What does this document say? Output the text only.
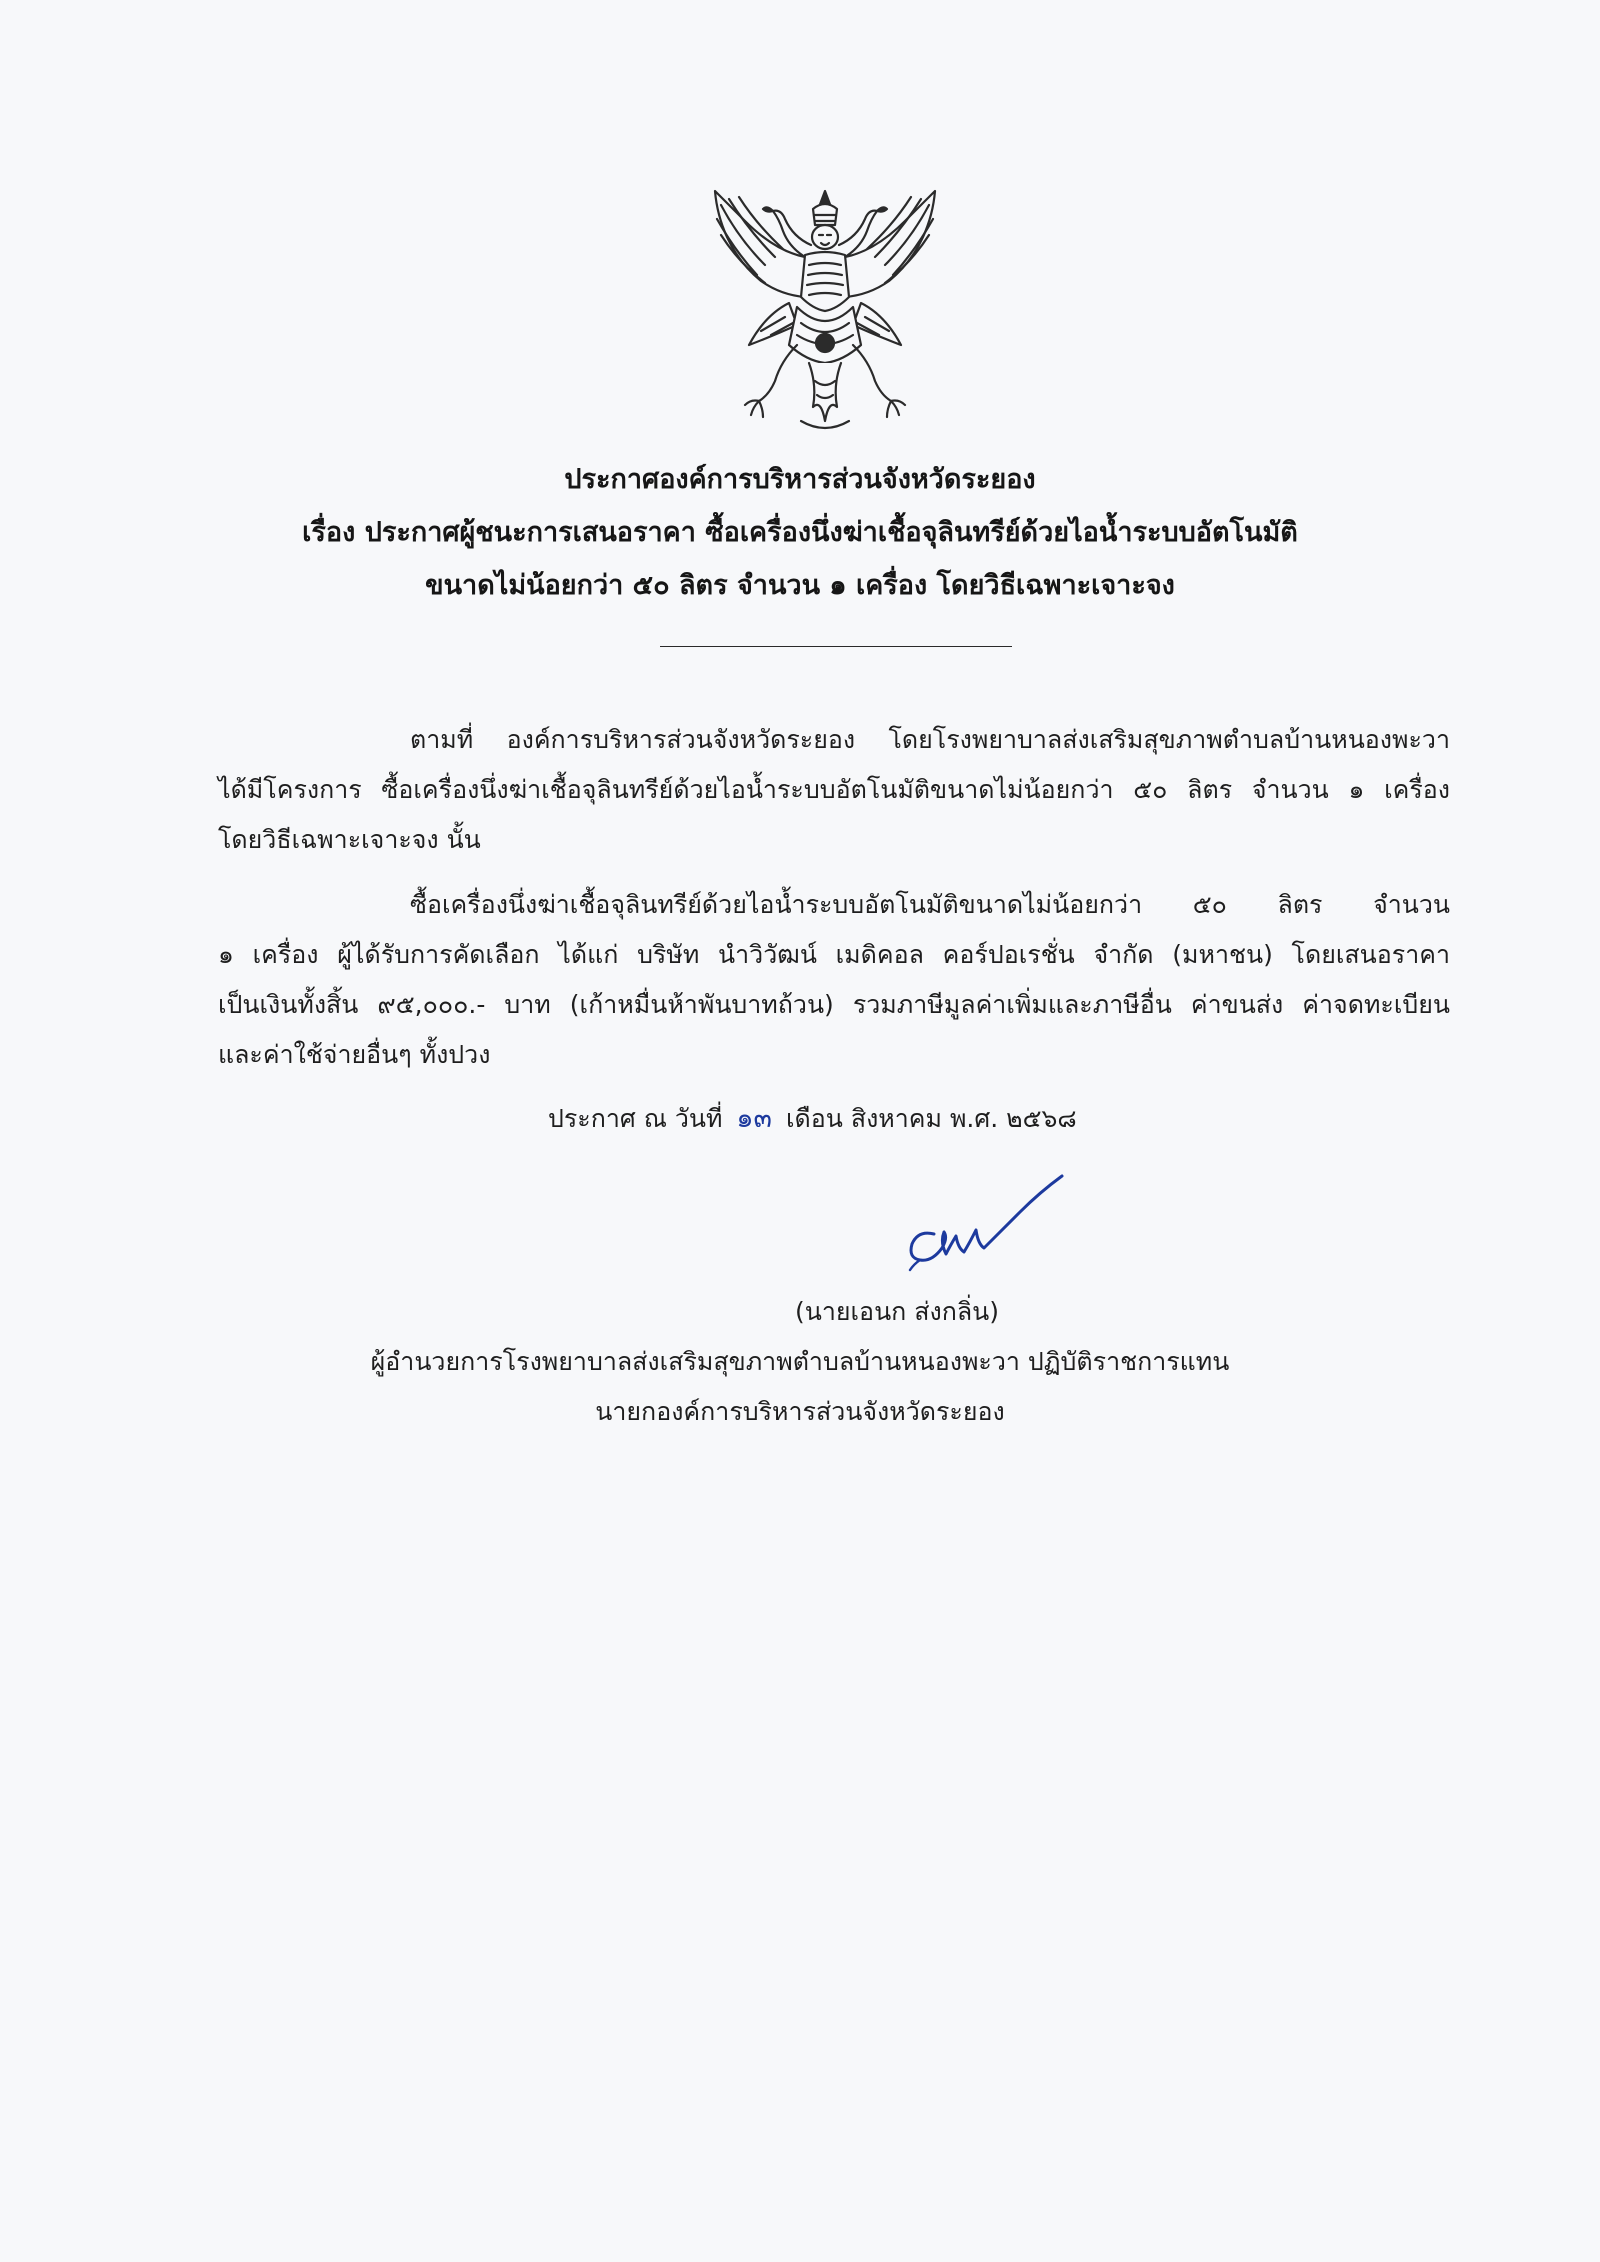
ประกาศองค์การบริหารส่วนจังหวัดระยอง
เรื่อง ประกาศผู้ชนะการเสนอราคา ซื้อเครื่องนึ่งฆ่าเชื้อจุลินทรีย์ด้วยไอน้ำระบบอัตโนมัติ
ขนาดไม่น้อยกว่า ๕๐ ลิตร จำนวน ๑ เครื่อง โดยวิธีเฉพาะเจาะจง
ตามที่ องค์การบริหารส่วนจังหวัดระยอง โดยโรงพยาบาลส่งเสริมสุขภาพตำบลบ้านหนองพะวา
ได้มีโครงการ ซื้อเครื่องนึ่งฆ่าเชื้อจุลินทรีย์ด้วยไอน้ำระบบอัตโนมัติขนาดไม่น้อยกว่า ๕๐ ลิตร จำนวน ๑ เครื่อง
โดยวิธีเฉพาะเจาะจง นั้น
ซื้อเครื่องนึ่งฆ่าเชื้อจุลินทรีย์ด้วยไอน้ำระบบอัตโนมัติขนาดไม่น้อยกว่า ๕๐ ลิตร จำนวน
๑ เครื่อง ผู้ได้รับการคัดเลือก ได้แก่ บริษัท นำวิวัฒน์ เมดิคอล คอร์ปอเรชั่น จำกัด (มหาชน) โดยเสนอราคา
เป็นเงินทั้งสิ้น ๙๕,๐๐๐.- บาท (เก้าหมื่นห้าพันบาทถ้วน) รวมภาษีมูลค่าเพิ่มและภาษีอื่น ค่าขนส่ง ค่าจดทะเบียน
และค่าใช้จ่ายอื่นๆ ทั้งปวง
ประกาศ ณ วันที่ ๑๓ เดือน สิงหาคม พ.ศ. ๒๕๖๘
(นายเอนก ส่งกลิ่น)
ผู้อำนวยการโรงพยาบาลส่งเสริมสุขภาพตำบลบ้านหนองพะวา ปฏิบัติราชการแทน
นายกองค์การบริหารส่วนจังหวัดระยอง
